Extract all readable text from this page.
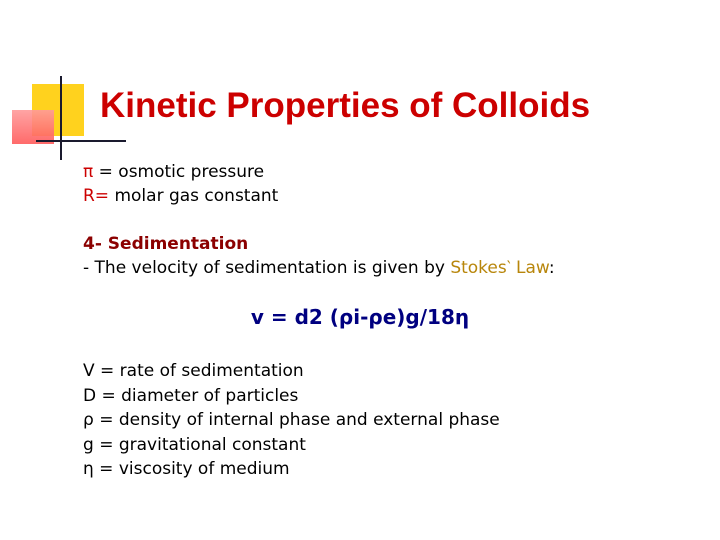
Kinetic Properties of Colloids
π = osmotic pressure
R= molar gas constant
4- Sedimentation
- The velocity of sedimentation is given by Stokes‵ Law:
v = d2 (ρi-ρe)g/18η
V = rate of sedimentation
D = diameter of particles
ρ = density of internal phase and external phase
g = gravitational constant
η = viscosity of medium
